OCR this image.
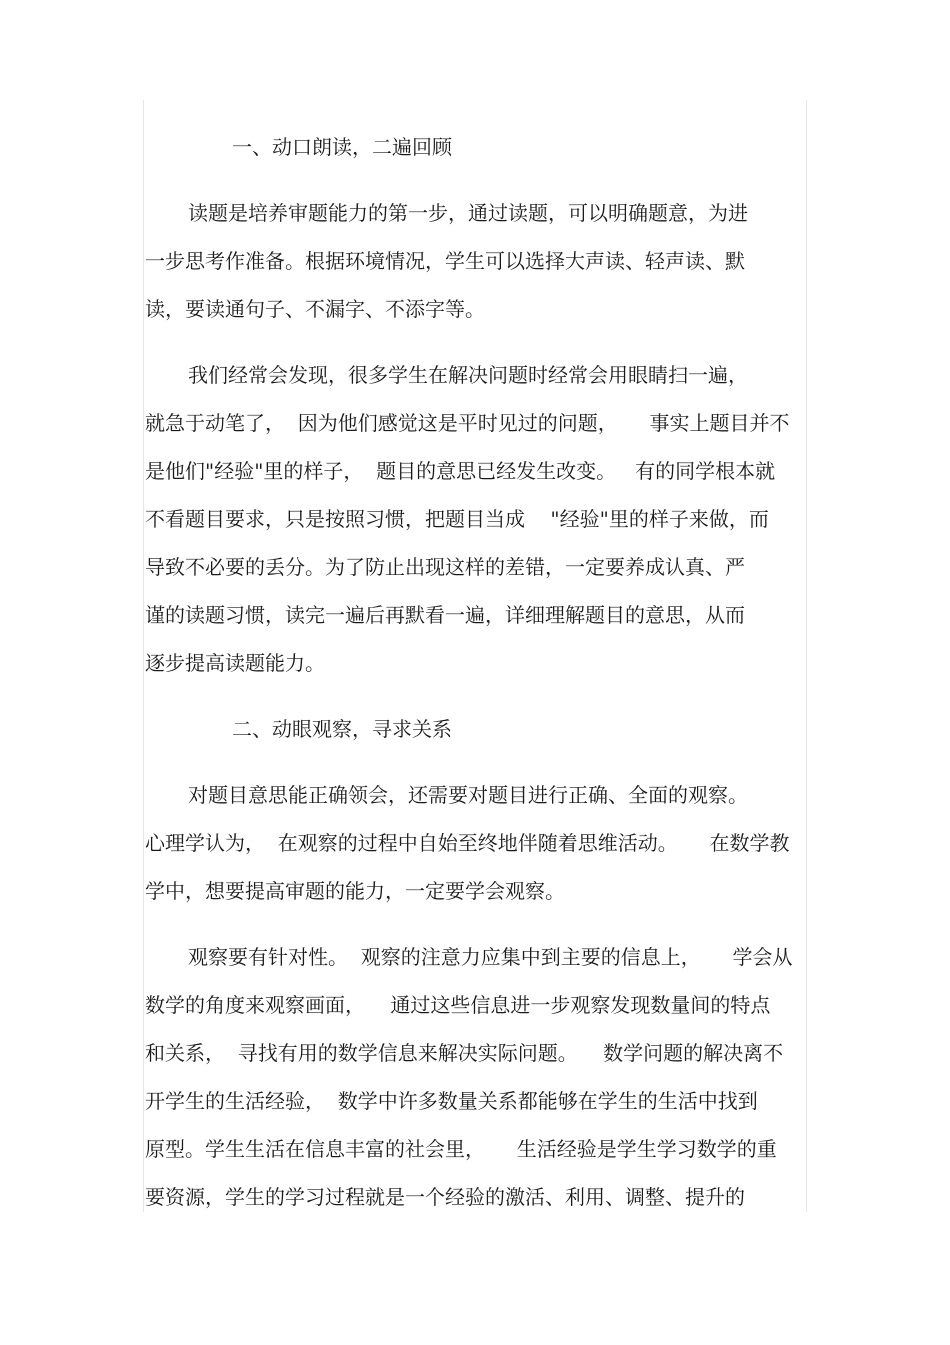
一、动口朗读，二遍回顾
读题是培养审题能力的第一步，通过读题，可以明确题意，为进
一步思考作准备。根据环境情况，学生可以选择大声读、轻声读、默
读，要读通句子、不漏字、不添字等。
我们经常会发现，很多学生在解决问题时经常会用眼睛扫一遍，
就急于动笔了，  因为他们感觉这是平时见过的问题，     事实上题目并不
是他们"经验"里的样子，  题目的意思已经发生改变。   有的同学根本就
不看题目要求，只是按照习惯，把题目当成    "经验"里的样子来做，而
导致不必要的丢分。为了防止出现这样的差错，一定要养成认真、严
谨的读题习惯，读完一遍后再默看一遍，详细理解题目的意思，从而
逐步提高读题能力。
二、动眼观察，寻求关系
对题目意思能正确领会，还需要对题目进行正确、全面的观察。
心理学认为，  在观察的过程中自始至终地伴随着思维活动。     在数学教
学中，想要提高审题的能力，一定要学会观察。
观察要有针对性。  观察的注意力应集中到主要的信息上，     学会从
数学的角度来观察画面，    通过这些信息进一步观察发现数量间的特点
和关系，  寻找有用的数学信息来解决实际问题。    数学问题的解决离不
开学生的生活经验，  数学中许多数量关系都能够在学生的生活中找到
原型。学生生活在信息丰富的社会里，     生活经验是学生学习数学的重
要资源，学生的学习过程就是一个经验的激活、利用、调整、提升的
